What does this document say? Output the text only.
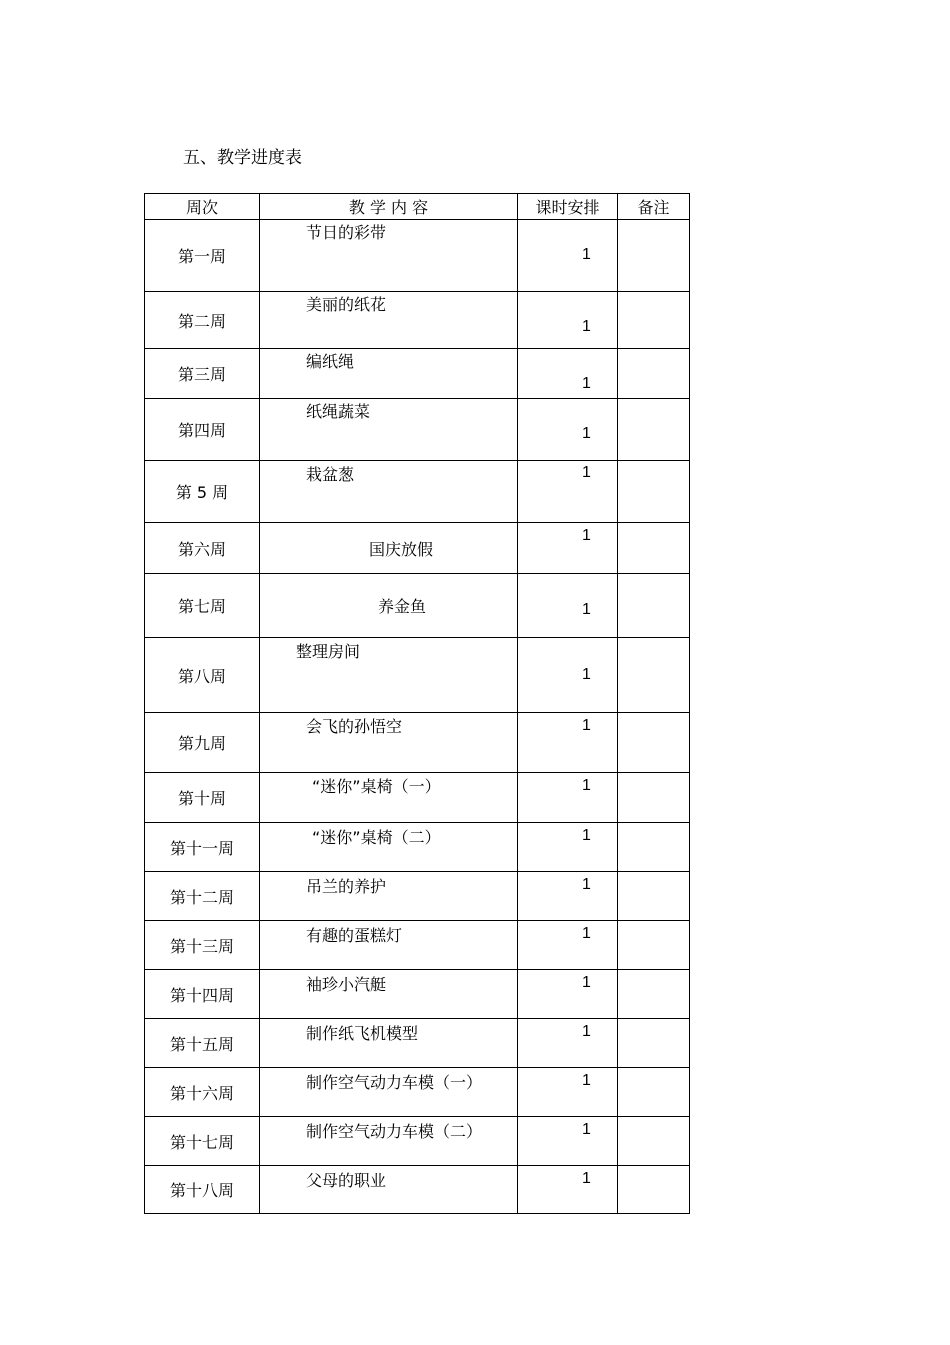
五、教学进度表
周次	教 学 内 容	课时安排	备注
第一周	节日的彩带	1	

第二周	美丽的纸花	1	

第三周	编纸绳	1	

第四周	纸绳蔬菜	1	

第 5 周	栽盆葱	1	

第六周	国庆放假	1	

第七周	养金鱼	1	

第八周	整理房间	1	

第九周	会飞的孙悟空	1	

第十周	“迷你”桌椅（一）	1	

第十一周	“迷你”桌椅（二）	1	

第十二周	吊兰的养护	1	

第十三周	有趣的蛋糕灯	1	

第十四周	袖珍小汽艇	1	

第十五周	制作纸飞机模型	1	

第十六周	制作空气动力车模（一）	1	

第十七周	制作空气动力车模（二）	1	

第十八周	父母的职业	1	
